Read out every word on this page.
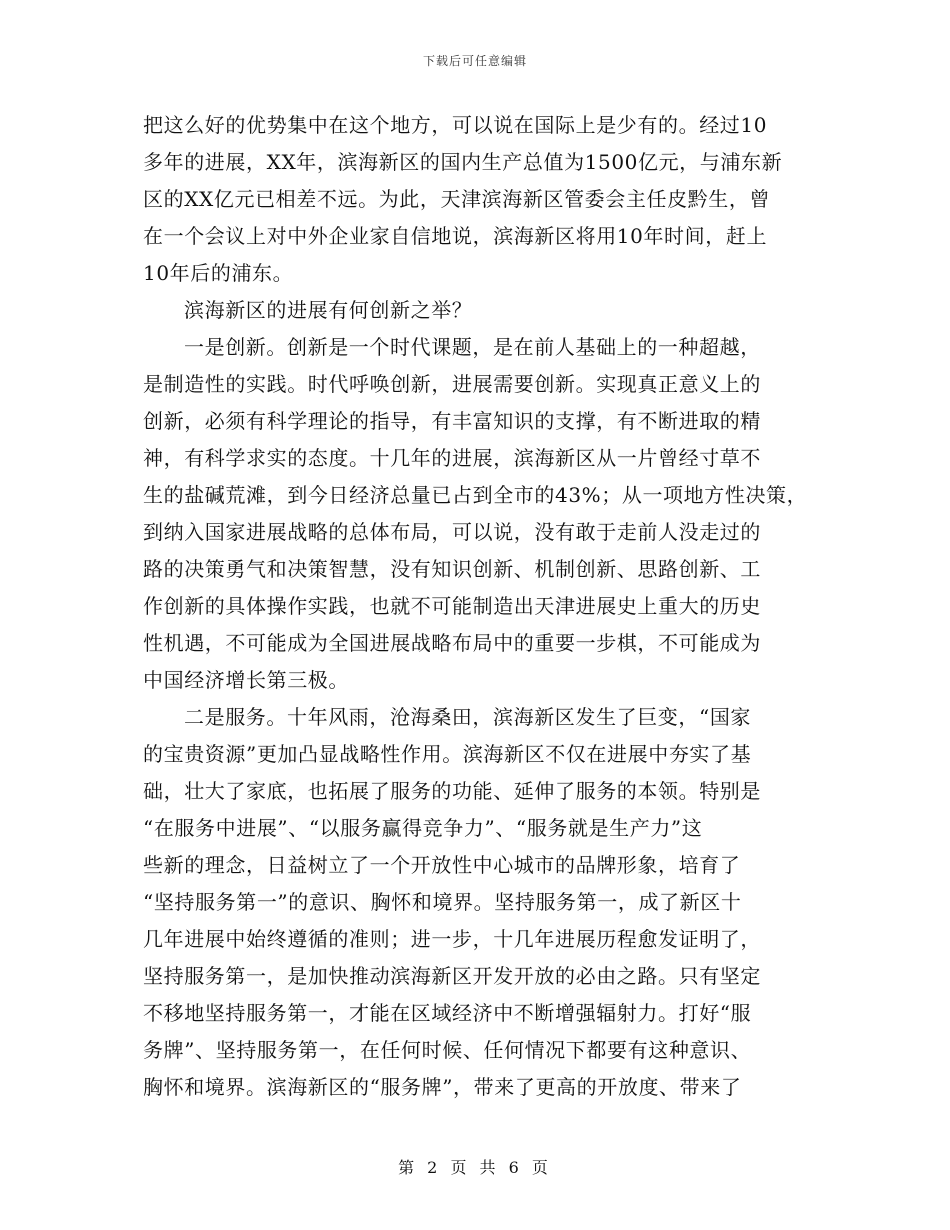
下载后可任意编辑
把这么好的优势集中在这个地方，可以说在国际上是少有的。经过10
多年的进展，XX年，滨海新区的国内生产总值为1500亿元，与浦东新
区的XX亿元已相差不远。为此，天津滨海新区管委会主任皮黔生，曾
在一个会议上对中外企业家自信地说，滨海新区将用10年时间，赶上
10年后的浦东。
滨海新区的进展有何创新之举？
一是创新。创新是一个时代课题，是在前人基础上的一种超越，
是制造性的实践。时代呼唤创新，进展需要创新。实现真正意义上的
创新，必须有科学理论的指导，有丰富知识的支撑，有不断进取的精
神，有科学求实的态度。十几年的进展，滨海新区从一片曾经寸草不
生的盐碱荒滩，到今日经济总量已占到全市的43%；从一项地方性决策，
到纳入国家进展战略的总体布局，可以说，没有敢于走前人没走过的
路的决策勇气和决策智慧，没有知识创新、机制创新、思路创新、工
作创新的具体操作实践，也就不可能制造出天津进展史上重大的历史
性机遇，不可能成为全国进展战略布局中的重要一步棋，不可能成为
中国经济增长第三极。
二是服务。十年风雨，沧海桑田，滨海新区发生了巨变，“国家
的宝贵资源”更加凸显战略性作用。滨海新区不仅在进展中夯实了基
础，壮大了家底，也拓展了服务的功能、延伸了服务的本领。特别是
“在服务中进展”、“以服务赢得竞争力”、“服务就是生产力”这
些新的理念，日益树立了一个开放性中心城市的品牌形象，培育了
“坚持服务第一”的意识、胸怀和境界。坚持服务第一，成了新区十
几年进展中始终遵循的准则；进一步，十几年进展历程愈发证明了，
坚持服务第一，是加快推动滨海新区开发开放的必由之路。只有坚定
不移地坚持服务第一，才能在区域经济中不断增强辐射力。打好“服
务牌”、坚持服务第一，在任何时候、任何情况下都要有这种意识、
胸怀和境界。滨海新区的“服务牌”，带来了更高的开放度、带来了
第 2 页 共 6 页
